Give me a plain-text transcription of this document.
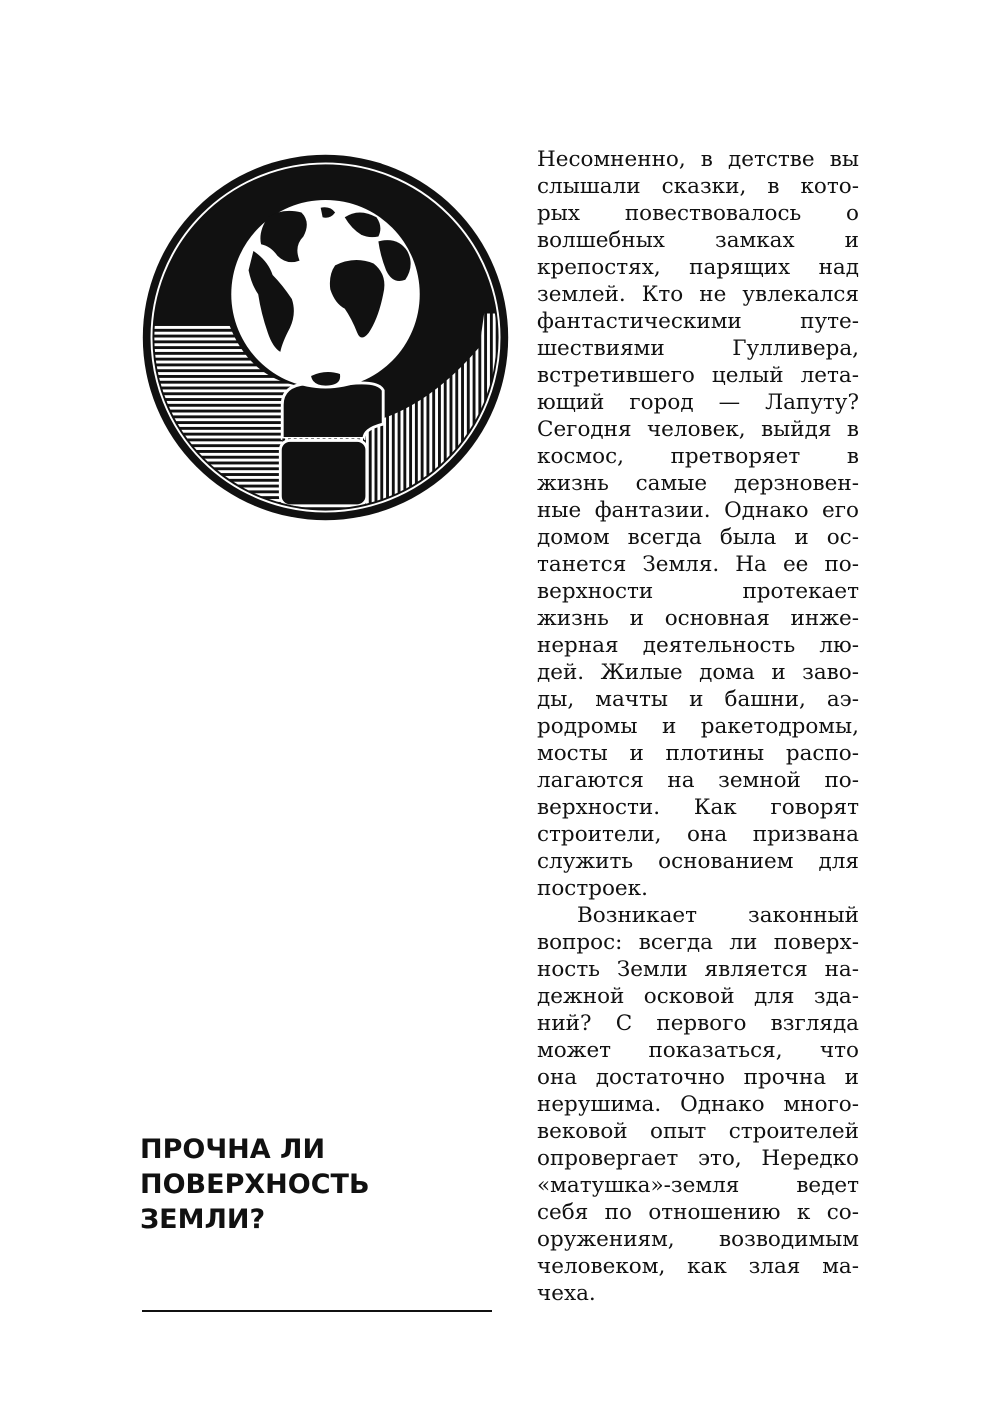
ПРОЧНА ЛИ
ПОВЕРХНОСТЬ
ЗЕМЛИ?
Несомненно, в детстве вы
слышали сказки, в кото-
рых повествовалось о
волшебных замках и
крепостях, парящих над
землей. Кто не увлекался
фантастическими	путе-
шествиями	Гулливера,
встретившего целый лета-
ющий город — Лапуту?
Сегодня человек, выйдя в
космос, претворяет в
жизнь самые дерзновен-
ные фантазии. Однако его
домом всегда была и ос-
танется Земля. На ее по-
верхности	протекает
жизнь и основная инже-
нерная деятельность лю-
дей. Жилые дома и заво-
ды, мачты и башни, аэ-
родромы и ракетодромы,
мосты и плотины распо-
лагаются на земной по-
верхности. Как говорят
строители, она призвана
служить основанием для
построек.
Возникает законный
вопрос: всегда ли поверх-
ность Земли является на-
дежной осковой для зда-
ний? С первого взгляда
может показаться, что
она достаточно прочна и
нерушима. Однако много-
вековой опыт строителей
опровергает это, Нередко
«матушка»-земля	ведет
себя по отношению к со-
оружениям, возводимым
человеком, как злая ма-
чеха.
